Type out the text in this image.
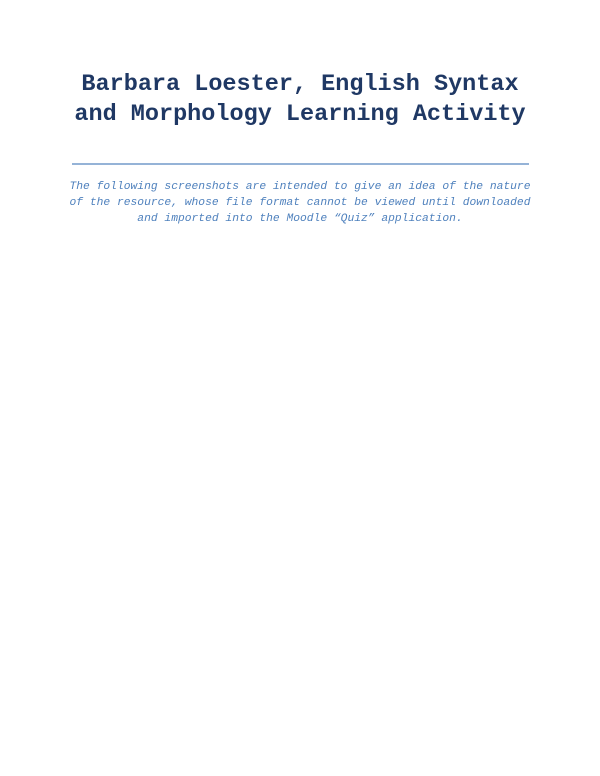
Barbara Loester, English Syntax and Morphology Learning Activity

The following screenshots are intended to give an idea of the nature of the resource, whose file format cannot be viewed until downloaded and imported into the Moodle “Quiz” application.
